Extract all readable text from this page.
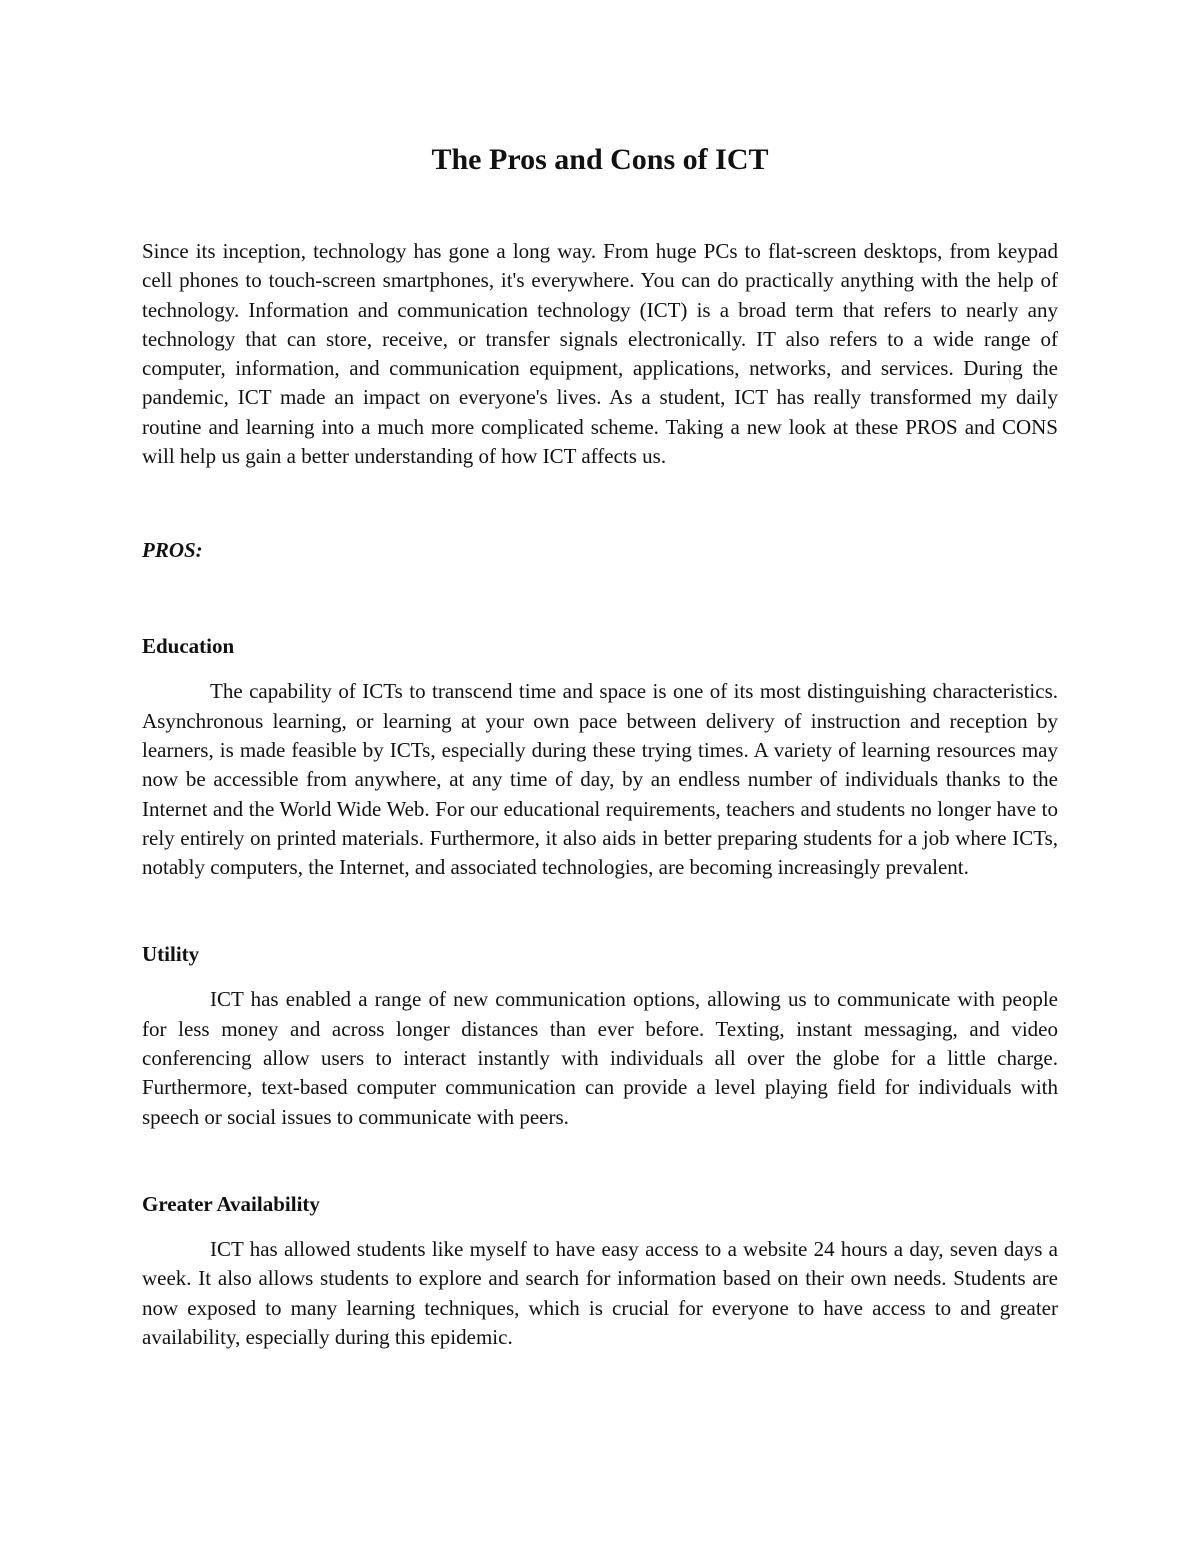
The Pros and Cons of ICT

Since its inception, technology has gone a long way. From huge PCs to flat-screen desktops, from keypad cell phones to touch-screen smartphones, it's everywhere. You can do practically anything with the help of technology. Information and communication technology (ICT) is a broad term that refers to nearly any technology that can store, receive, or transfer signals electronically. IT also refers to a wide range of computer, information, and communication equipment, applications, networks, and services. During the pandemic, ICT made an impact on everyone's lives. As a student, ICT has really transformed my daily routine and learning into a much more complicated scheme. Taking a new look at these PROS and CONS will help us gain a better understanding of how ICT affects us.

PROS:

Education

The capability of ICTs to transcend time and space is one of its most distinguishing characteristics. Asynchronous learning, or learning at your own pace between delivery of instruction and reception by learners, is made feasible by ICTs, especially during these trying times. A variety of learning resources may now be accessible from anywhere, at any time of day, by an endless number of individuals thanks to the Internet and the World Wide Web. For our educational requirements, teachers and students no longer have to rely entirely on printed materials. Furthermore, it also aids in better preparing students for a job where ICTs, notably computers, the Internet, and associated technologies, are becoming increasingly prevalent.

Utility

ICT has enabled a range of new communication options, allowing us to communicate with people for less money and across longer distances than ever before. Texting, instant messaging, and video conferencing allow users to interact instantly with individuals all over the globe for a little charge. Furthermore, text-based computer communication can provide a level playing field for individuals with speech or social issues to communicate with peers.

Greater Availability

ICT has allowed students like myself to have easy access to a website 24 hours a day, seven days a week. It also allows students to explore and search for information based on their own needs. Students are now exposed to many learning techniques, which is crucial for everyone to have access to and greater availability, especially during this epidemic.
